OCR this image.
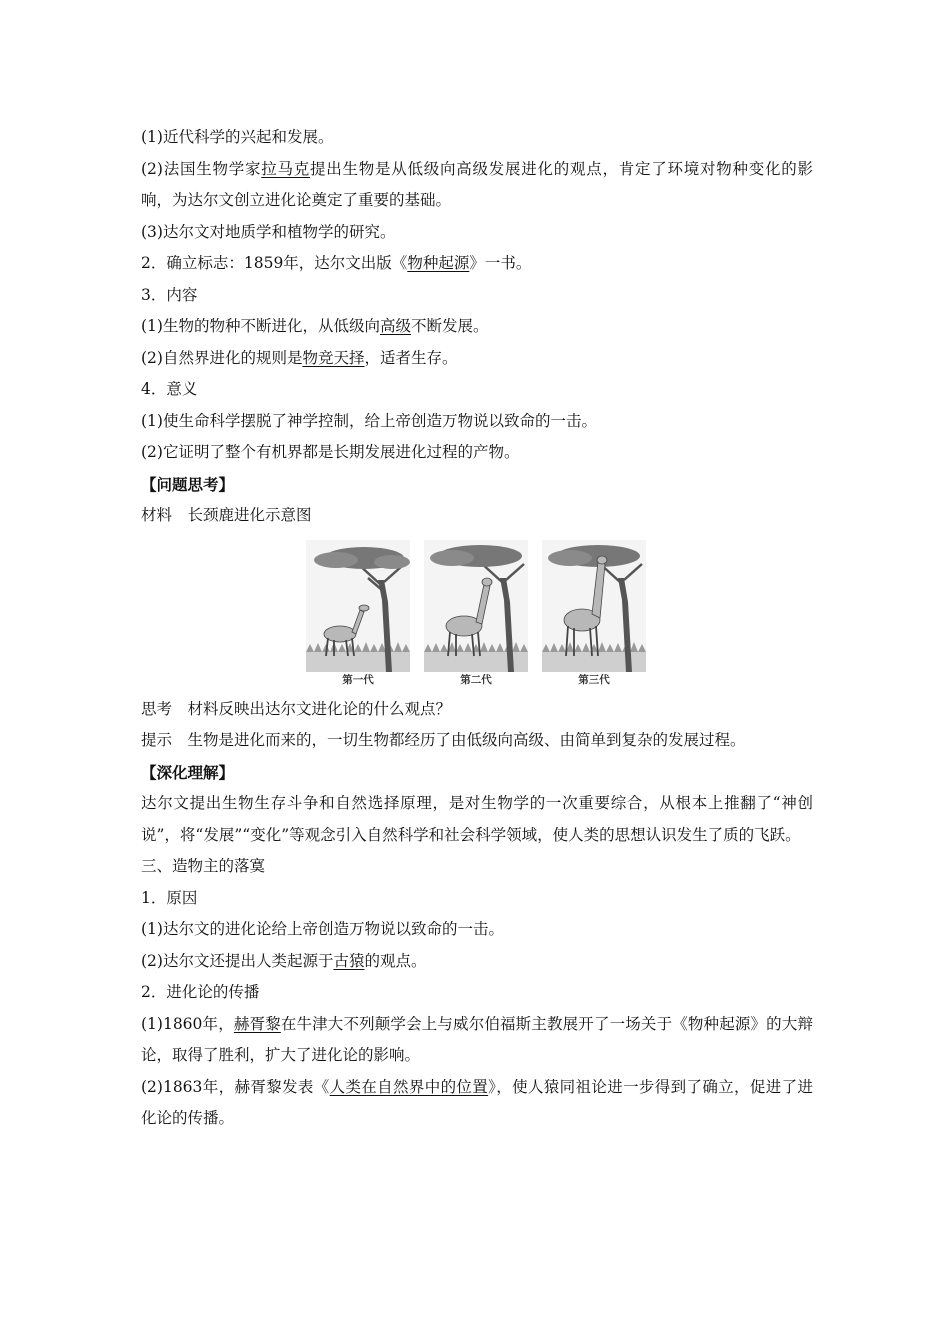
(1)近代科学的兴起和发展。
(2)法国生物学家拉马克提出生物是从低级向高级发展进化的观点，肯定了环境对物种变化的影响，为达尔文创立进化论奠定了重要的基础。
(3)达尔文对地质学和植物学的研究。
2．确立标志：1859年，达尔文出版《物种起源》一书。
3．内容
(1)生物的物种不断进化，从低级向高级不断发展。
(2)自然界进化的规则是物竞天择，适者生存。
4．意义
(1)使生命科学摆脱了神学控制，给上帝创造万物说以致命的一击。
(2)它证明了整个有机界都是长期发展进化过程的产物。
【问题思考】
材料　长颈鹿进化示意图
第一代	第二代	第三代
思考　材料反映出达尔文进化论的什么观点？
提示　生物是进化而来的，一切生物都经历了由低级向高级、由简单到复杂的发展过程。
【深化理解】
达尔文提出生物生存斗争和自然选择原理，是对生物学的一次重要综合，从根本上推翻了“神创说”，将“发展”“变化”等观念引入自然科学和社会科学领域，使人类的思想认识发生了质的飞跃。
三、造物主的落寞
1．原因
(1)达尔文的进化论给上帝创造万物说以致命的一击。
(2)达尔文还提出人类起源于古猿的观点。
2．进化论的传播
(1)1860年，赫胥黎在牛津大不列颠学会上与威尔伯福斯主教展开了一场关于《物种起源》的大辩论，取得了胜利，扩大了进化论的影响。
(2)1863年，赫胥黎发表《人类在自然界中的位置》，使人猿同祖论进一步得到了确立，促进了进化论的传播。
